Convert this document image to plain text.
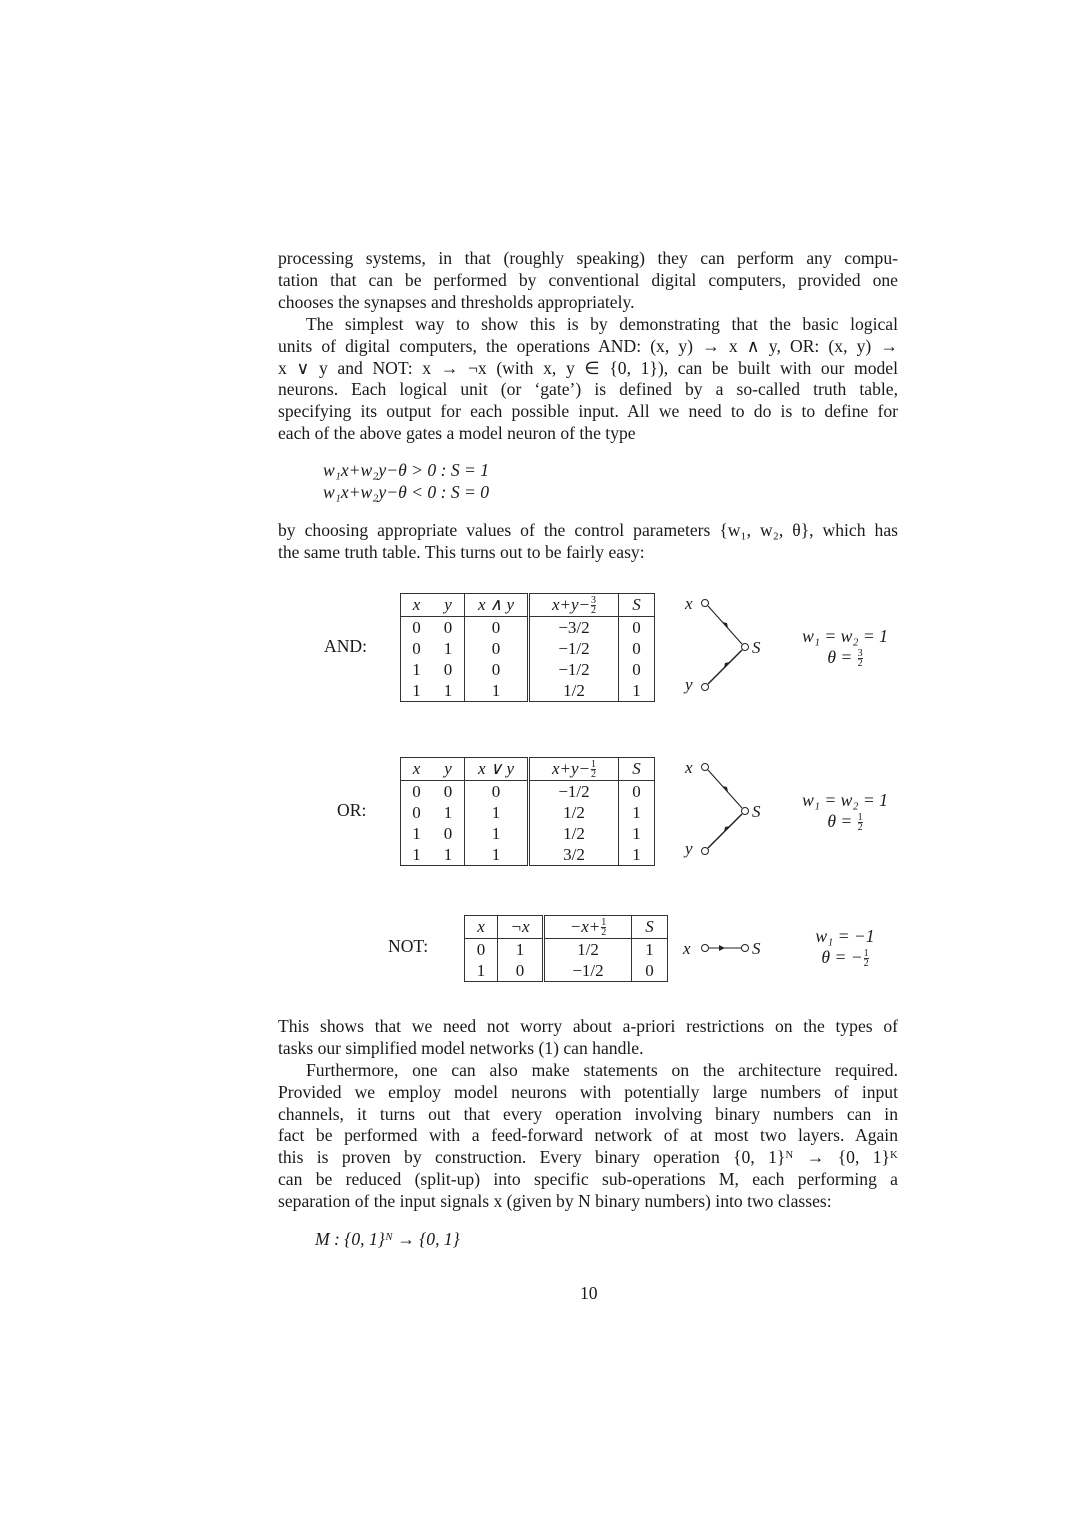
processing systems, in that (roughly speaking) they can perform any compu-
tation that can be performed by conventional digital computers, provided one
chooses the synapses and thresholds appropriately.
The simplest way to show this is by demonstrating that the basic logical
units of digital computers, the operations AND: (x, y) → x ∧ y, OR: (x, y) →
x ∨ y and NOT: x → ¬x (with x, y ∈ {0, 1}), can be built with our model
neurons. Each logical unit (or ‘gate’) is defined by a so-called truth table,
specifying its output for each possible input. All we need to do is to define for
each of the above gates a model neuron of the type
by choosing appropriate values of the control parameters {w₁, w₂, θ}, which has
the same truth table. This turns out to be fairly easy:
This shows that we need not worry about a-priori restrictions on the types of
tasks our simplified model networks (1) can handle.
Furthermore, one can also make statements on the architecture required.
Provided we employ model neurons with potentially large numbers of input
channels, it turns out that every operation involving binary numbers can in
fact be performed with a feed-forward network of at most two layers. Again
this is proven by construction. Every binary operation {0, 1}ᴺ → {0, 1}ᴷ
can be reduced (split-up) into specific sub-operations M, each performing a
separation of the input signals x (given by N binary numbers) into two classes:
w₁x+w₂y−θ > 0 : S = 1
w₁x+w₂y−θ < 0 : S = 0
x	y	x ∧ y	$x+y- \frac{3}{2}$	S
0	0	0	−3/2	0
0	1	0	−1/2	0
1	0	0	−1/2	0
1	1	1	1/2	1
AND:
x
y
S
w₁ = w₂ = 1
$\theta = \frac{3}{2}$
x	y	x ∨ y	$x+y- \frac{1}{2}$	S
0	0	0	−1/2	0
0	1	1	1/2	1
1	0	1	1/2	1
1	1	1	3/2	1
OR:
x
y
S
w₁ = w₂ = 1
$\theta = \frac{1}{2}$
x	¬x	$-x+ \frac{1}{2}$	S
0	1	1/2	1
1	0	−1/2	0
NOT:	x	S
w₁ = −1
θ = − $\frac{1}{2}$
M : {0, 1}ᴺ → {0, 1}
10
